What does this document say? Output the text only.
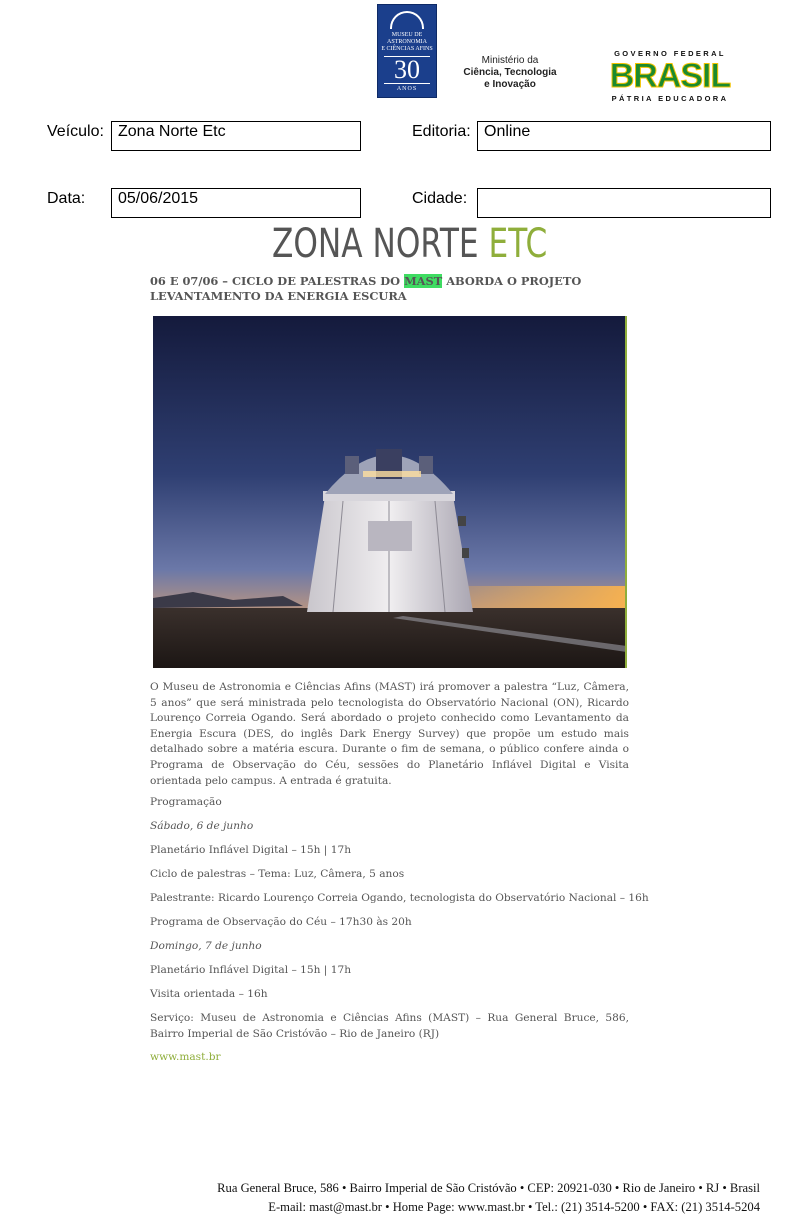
MUSEU DE
ASTRONOMIA
E CIÊNCIAS AFINS
30
ANOS
Ministério da
Ciência, Tecnologia
e Inovação
GOVERNO FEDERAL
BRASIL
PÁTRIA EDUCADORA
Veículo: Zona Norte Etc	Editoria: Online
Data:	05/06/2015	Cidade:
ZONA NORTE ETC
06 E 07/06 – CICLO DE PALESTRAS DO MAST ABORDA O PROJETO LEVANTAMENTO DA ENERGIA ESCURA
O Museu de Astronomia e Ciências Afins (MAST) irá promover a palestra “Luz, Câmera, 5 anos” que será ministrada pelo tecnologista do Observatório Nacional (ON), Ricardo Lourenço Correia Ogando. Será abordado o projeto conhecido como Levantamento da Energia Escura (DES, do inglês Dark Energy Survey) que propõe um estudo mais detalhado sobre a matéria escura. Durante o fim de semana, o público confere ainda o Programa de Observação do Céu, sessões do Planetário Inflável Digital e Visita orientada pelo campus. A entrada é gratuita.
Programação
Sábado, 6 de junho
Planetário Inflável Digital – 15h | 17h
Ciclo de palestras – Tema: Luz, Câmera, 5 anos
Palestrante: Ricardo Lourenço Correia Ogando, tecnologista do Observatório Nacional – 16h
Programa de Observação do Céu – 17h30 às 20h
Domingo, 7 de junho
Planetário Inflável Digital – 15h | 17h
Visita orientada – 16h
Serviço: Museu de Astronomia e Ciências Afins (MAST) – Rua General Bruce, 586, Bairro Imperial de São Cristóvão – Rio de Janeiro (RJ)
www.mast.br
Rua General Bruce, 586 • Bairro Imperial de São Cristóvão • CEP: 20921-030 • Rio de Janeiro • RJ • Brasil
E-mail: mast@mast.br • Home Page: www.mast.br • Tel.: (21) 3514-5200 • FAX: (21) 3514-5204
